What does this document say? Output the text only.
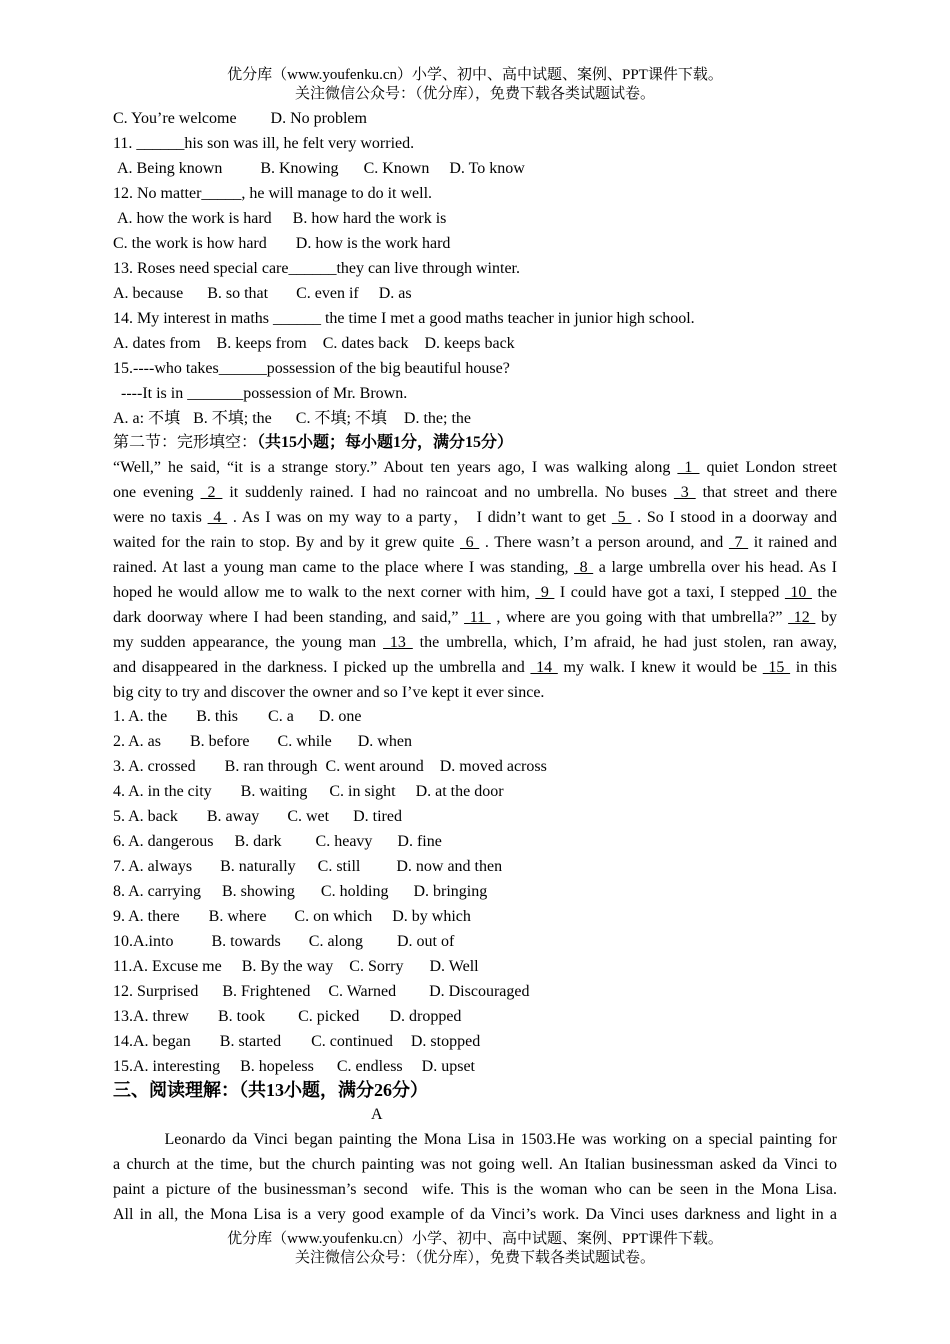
优分库（www.youfenku.cn）小学、初中、高中试题、案例、PPT课件下载。
关注微信公众号：（优分库），免费下载各类试题试卷。
C. You’re welcome D. No problem
11. ______his son was ill, he felt very worried.
A. Being known B. Knowing C. Known D. To know
12. No matter_____, he will manage to do it well.
A. how the work is hard B. how hard the work is
C. the work is how hard D. how is the work hard
13. Roses need special care______they can live through winter.
A. because B. so that C. even if D. as
14. My interest in maths ______ the time I met a good maths teacher in junior high school.
A. dates from B. keeps from C. dates back D. keeps back
15.----who takes______possession of the big beautiful house?
----It is in _______possession of Mr. Brown.
A. a: 不填 B. 不填; the C. 不填; 不填 D. the; the
第二节：完形填空：（共15小题；每小题1分，满分15分）
“Well,” he said, “it is a strange story.” About ten years ago, I was walking along  1  quiet London street
one evening  2  it suddenly rained. I had no raincoat and no umbrella. No buses  3  that street and there
were no taxis  4  . As I was on my way to a party， I didn’t want to get  5  . So I stood in a doorway and
waited for the rain to stop. By and by it grew quite  6  . There wasn’t a person around, and  7  it rained and
rained. At last a young man came to the place where I was standing,  8  a large umbrella over his head. As I
hoped he would allow me to walk to the next corner with him,  9  I could have got a taxi, I stepped  10  the
dark doorway where I had been standing, and said,”  11  , where are you going with that umbrella?”  12  by
my sudden appearance, the young man  13  the umbrella, which, I’m afraid, he had just stolen, ran away,
and disappeared in the darkness. I picked up the umbrella and  14  my walk. I knew it would be  15  in this
big city to try and discover the owner and so I’ve kept it ever since.
1. A. the B. this C. a D. one
2. A. as B. before C. while D. when
3. A. crossed B. ran through C. went around D. moved across
4. A. in the city B. waiting C. in sight D. at the door
5. A. back B. away C. wet D. tired
6. A. dangerous B. dark C. heavy D. fine
7. A. always B. naturally C. still D. now and then
8. A. carrying B. showing C. holding D. bringing
9. A. there B. where C. on which D. by which
10.A.into B. towards C. along D. out of
11.A. Excuse me B. By the way C. Sorry D. Well
12. Surprised B. Frightened C. Warned D. Discouraged
13.A. threw B. took C. picked D. dropped
14.A. began B. started C. continued D. stopped
15.A. interesting B. hopeless C. endless D. upset
三、阅读理解：（共13小题，满分26分）
A
Leonardo da Vinci began painting the Mona Lisa in 1503.He was working on a special painting for
a church at the time, but the church painting was not going well. An Italian businessman asked da Vinci to
paint a picture of the businessman’s second  wife. This is the woman who can be seen in the Mona Lisa.
All in all, the Mona Lisa is a very good example of da Vinci’s work. Da Vinci uses darkness and light in a
优分库（www.youfenku.cn）小学、初中、高中试题、案例、PPT课件下载。
关注微信公众号：（优分库），免费下载各类试题试卷。
